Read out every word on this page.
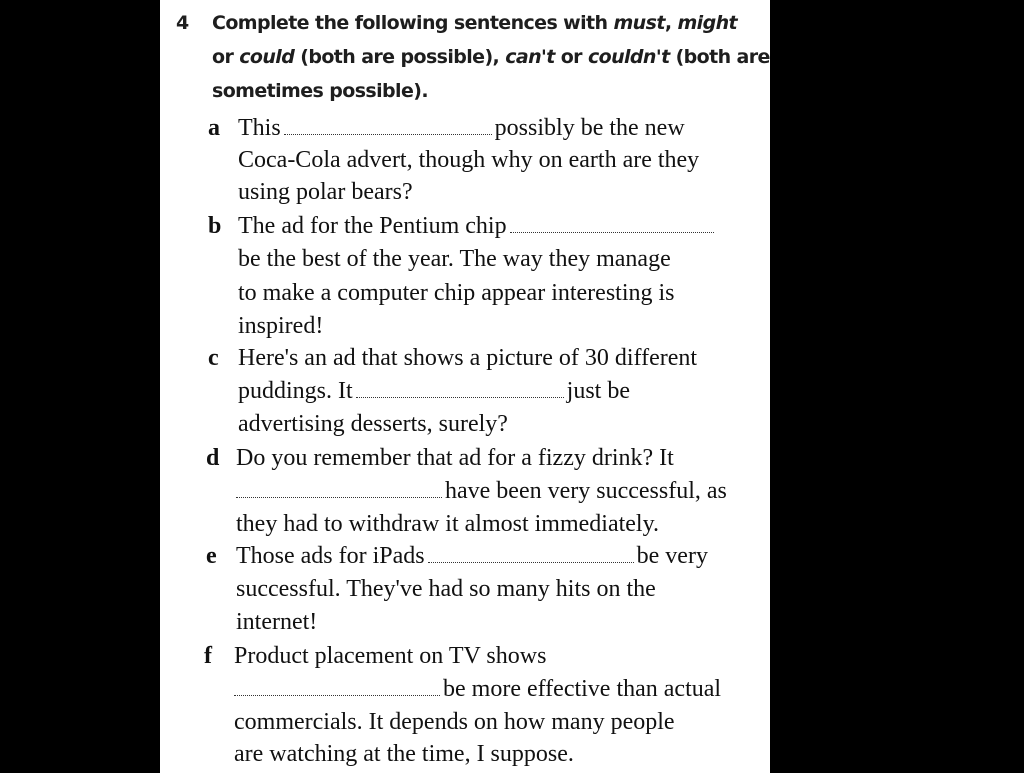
4 Complete the following sentences with must, might
or could (both are possible), can't or couldn't (both are
sometimes possible).
a This	possibly be the new
Coca-Cola advert, though why on earth are they
using polar bears?
b The ad for the Pentium chip
be the best of the year. The way they manage
to make a computer chip appear interesting is
inspired!
c Here's an ad that shows a picture of 30 different
puddings. It	just be
advertising desserts, surely?
d Do you remember that ad for a fizzy drink? It
have been very successful, as
they had to withdraw it almost immediately.
e Those ads for iPads	be very
successful. They've had so many hits on the
internet!
f Product placement on TV shows
be more effective than actual
commercials. It depends on how many people
are watching at the time, I suppose.
